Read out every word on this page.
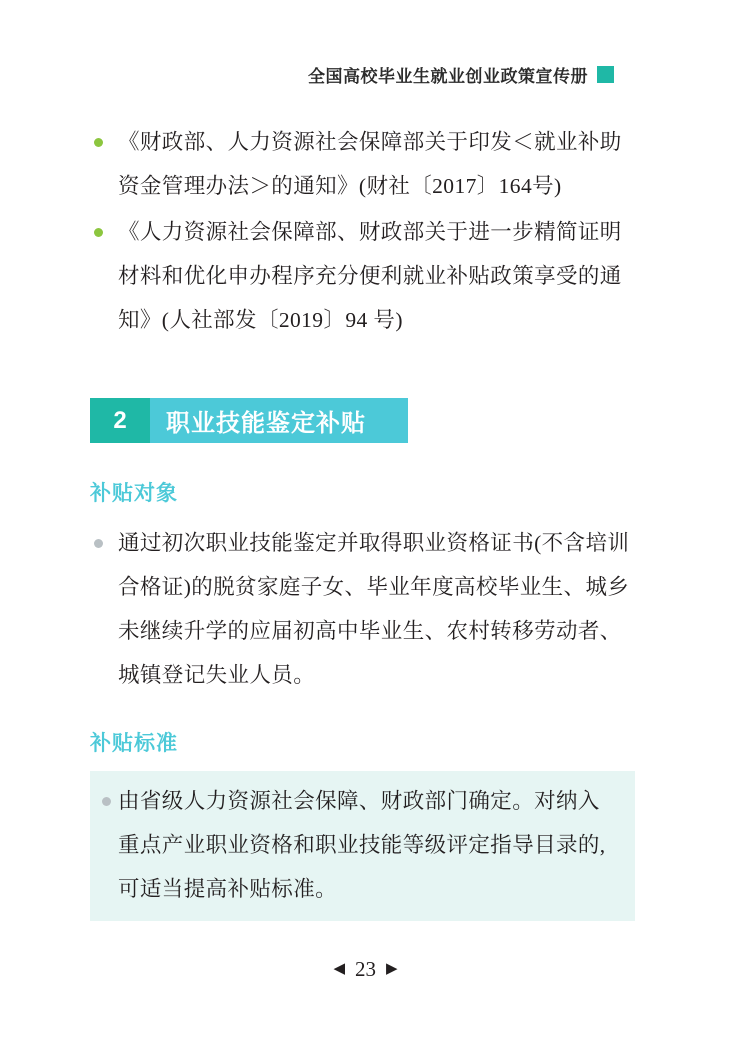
全国高校毕业生就业创业政策宣传册
《财政部、人力资源社会保障部关于印发＜就业补助资金管理办法＞的通知》(财社〔2017〕164号)
《人力资源社会保障部、财政部关于进一步精简证明材料和优化申办程序充分便利就业补贴政策享受的通知》(人社部发〔2019〕94 号)
2	职业技能鉴定补贴
补贴对象
通过初次职业技能鉴定并取得职业资格证书(不含培训合格证)的脱贫家庭子女、毕业年度高校毕业生、城乡未继续升学的应届初高中毕业生、农村转移劳动者、城镇登记失业人员。
补贴标准
由省级人力资源社会保障、财政部门确定。对纳入重点产业职业资格和职业技能等级评定指导目录的,可适当提高补贴标准。
◀ 23 ▶
